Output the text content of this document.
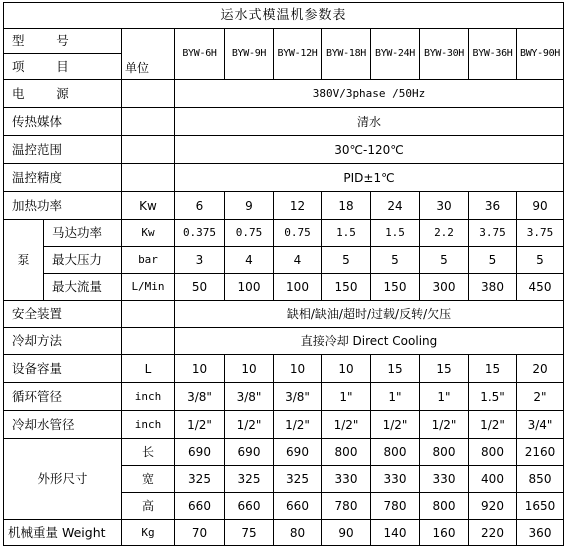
运水式模温机参数表										
型        号		单位	BYW-6H	BYW-9H	BYW-12H	BYW-18H	BYW-24H	BYW-30H	BYW-36H	BWY-90H
项        目										
电        源			380V/3phase /50Hz							
传热媒体			清水							
温控范围			30℃-120℃							
温控精度			PID±1℃							
加热功率		Kw	6	9	12	18	24	30	36	90
泵	马达功率	Kw	0.375	0.75	0.75	1.5	1.5	2.2	3.75	3.75
	最大压力	bar	3	4	4	5	5	5	5	5
	最大流量	L/Min	50	100	100	150	150	300	380	450
安全装置			缺相/缺油/超时/过载/反转/欠压							
冷却方法			直接冷却 Direct Cooling							
设备容量		L	10	10	10	10	15	15	15	20
循环管径		inch	3/8"	3/8"	3/8"	1"	1"	1"	1.5"	2"
冷却水管径		inch	1/2"	1/2"	1/2"	1/2"	1/2"	1/2"	1/2"	3/4"
外形尺寸		长	690	690	690	800	800	800	800	2160
		宽	325	325	325	330	330	330	400	850
		高	660	660	660	780	780	800	920	1650
机械重量 Weight		Kg	70	75	80	90	140	160	220	360
